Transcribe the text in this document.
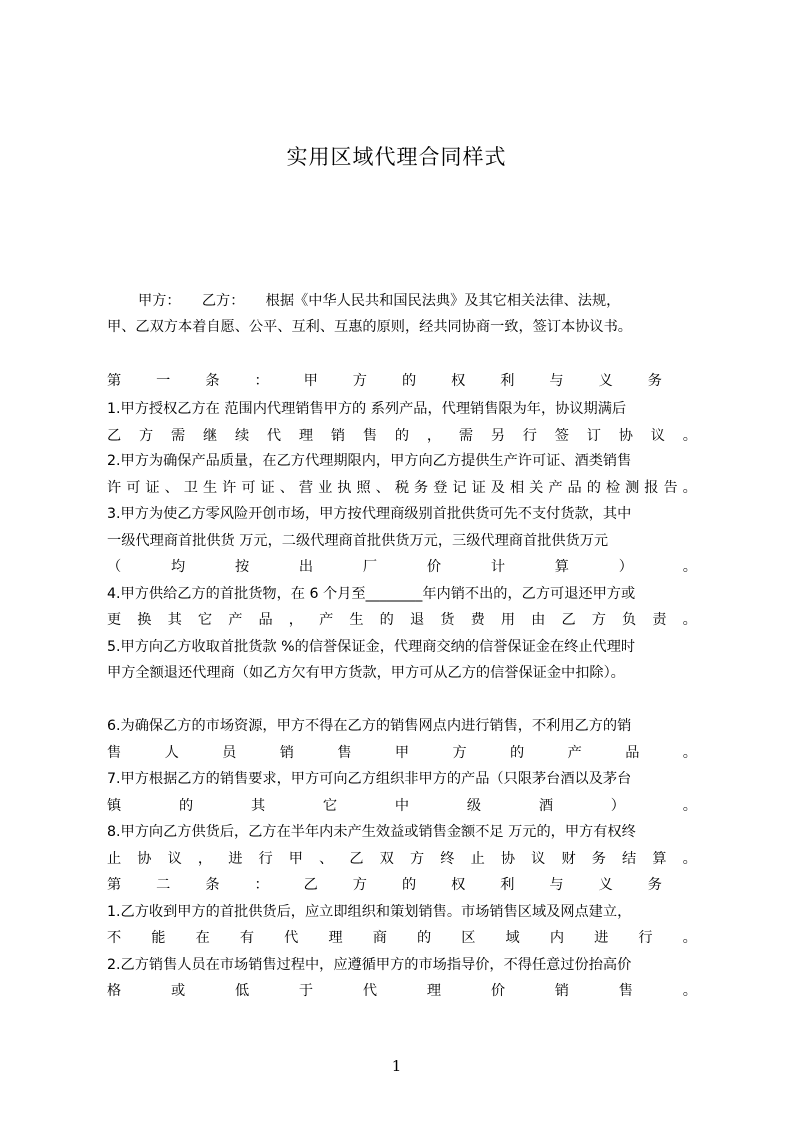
实用区域代理合同样式
甲方：　　乙方：　　根据《中华人民共和国民法典》及其它相关法律、法规，
甲、乙双方本着自愿、公平、互利、互惠的原则，经共同协商一致，签订本协议书。
第 一 条 ： 甲 方 的 权 利 与 义 务
1.甲方授权乙方在 范围内代理销售甲方的 系列产品，代理销售限为年，协议期满后
乙 方 需 继 续 代 理 销 售 的 ， 需 另 行 签 订 协 议 。
2.甲方为确保产品质量，在乙方代理期限内，甲方向乙方提供生产许可证、酒类销售
许 可 证 、 卫 生 许 可 证 、 营 业 执 照 、 税 务 登 记 证 及 相 关 产 品 的 检 测 报 告 。
3.甲方为使乙方零风险开创市场，甲方按代理商级别首批供货可先不支付货款，其中
一级代理商首批供货 万元，二级代理商首批供货万元，三级代理商首批供货万元
（	均	按	出	厂	价	计	算	）	。
4.甲方供给乙方的首批货物，在 6 个月至________年内销不出的，乙方可退还甲方或
更 换 其 它 产 品 ， 产 生 的 退 货 费 用 由 乙 方 负 责 。
5.甲方向乙方收取首批货款 %的信誉保证金，代理商交纳的信誉保证金在终止代理时
甲方全额退还代理商（如乙方欠有甲方货款，甲方可从乙方的信誉保证金中扣除）。
6.为确保乙方的市场资源，甲方不得在乙方的销售网点内进行销售，不利用乙方的销
售	人	员	销	售	甲	方	的	产	品	。
7.甲方根据乙方的销售要求，甲方可向乙方组织非甲方的产品（只限茅台酒以及茅台
镇	的	其	它	中	级	酒	）	。
8.甲方向乙方供货后，乙方在半年内未产生效益或销售金额不足 万元的，甲方有权终
止 协 议 ， 进 行 甲 、 乙 双 方 终 止 协 议 财 务 结 算 。
第 二 条 ： 乙 方 的 权 利 与 义 务
1.乙方收到甲方的首批供货后，应立即组织和策划销售。市场销售区域及网点建立，
不 能 在 有 代 理 商 的 区 域 内 进 行 。
2.乙方销售人员在市场销售过程中，应遵循甲方的市场指导价，不得任意过份抬高价
格	或	低	于	代	理	价	销	售	。
1
